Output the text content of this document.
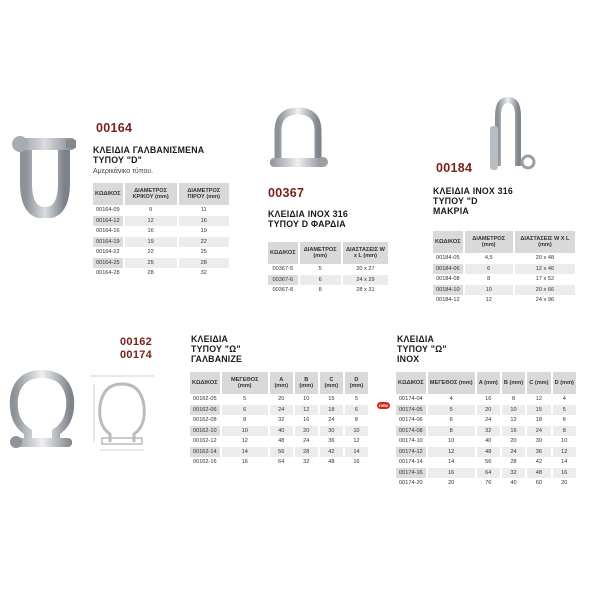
00164
ΚΛΕΙΔΙΑ ΓΑΛΒΑΝΙΣΜΕΝΑ
ΤΥΠΟΥ "D"
Αμερικάνικο τύπου.
ΚΩΔΙΚΟΣ	ΔΙΑΜΕΤΡΟΣ ΚΡΙΚΟΥ (mm)	ΔΙΑΜΕΤΡΟΣ ΠΙΡΟΥ (mm)
00164-09	9	11
00164-12	12	16
00164-16	16	19
00164-19	19	22
00164-22	22	25
00164-25	25	28
00164-28	28	32
00367
ΚΛΕΙΔΙΑ INOX 316
ΤΥΠΟΥ D ΦΑΡΔΙΑ
ΚΩΔΙΚΟΣ	ΔΙΑΜΕΤΡΟΣ (mm)	ΔΙΑΣΤΑΣΕΙΣ W x L (mm)
00367-5	5	20 x 27
00367-6	6	24 x 29
00367-8	8	28 x 31
00184
ΚΛΕΙΔΙΑ INOX 316
ΤΥΠΟΥ "D
ΜΑΚΡΙΑ
ΚΩΔΙΚΟΣ	ΔΙΑΜΕΤΡΟΣ (mm)	ΔΙΑΣΤΑΣΕΙΣ W X L (mm)
00184-05	4,5	20 x 48
00184-06	6	12 x 46
00184-08	8	17 x 52
00184-10	10	20 x 66
00184-12	12	24 x 96
00162
00174
ΚΛΕΙΔΙΑ
ΤΥΠΟΥ "Ω"
ΓΑΛΒΑΝΙΖΕ
ΚΩΔΙΚΟΣ	ΜΕΓΕΘΟΣ (mm)	A (mm)	B (mm)	C (mm)	D (mm)
00162-05	5	20	10	15	5
00162-06	6	24	12	18	6
00162-08	8	32	16	24	8
00162-10	10	40	20	30	10
00162-12	12	48	24	36	12
00162-14	14	56	28	42	14
00162-16	16	64	32	48	16
ΚΛΕΙΔΙΑ
ΤΥΠΟΥ "Ω"
INOX
new
ΚΩΔΙΚΟΣ	ΜΕΓΕΘΟΣ (mm)	A (mm)	B (mm)	C (mm)	D (mm)
00174-04	4	16	8	12	4
00174-05	5	20	10	15	5
00174-06	6	24	12	18	6
00174-08	8	32	16	24	8
00174-10	10	40	20	30	10
00174-12	12	48	24	36	12
00174-14	14	56	28	42	14
00174-16	16	64	32	48	16
00174-20	20	76	40	60	20
